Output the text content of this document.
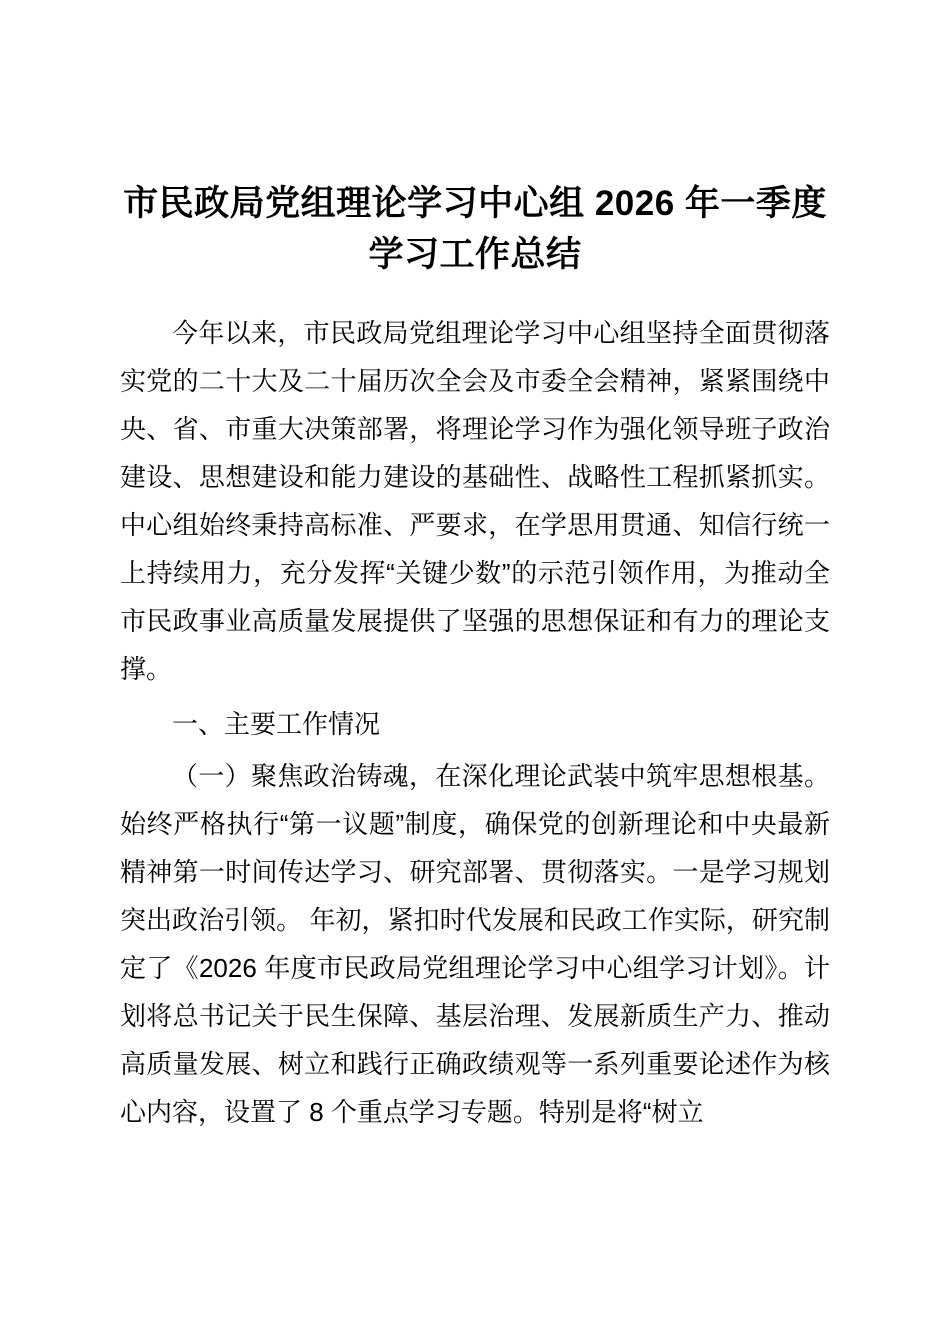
市民政局党组理论学习中心组 2026 年一季度学习工作总结

今年以来，市民政局党组理论学习中心组坚持全面贯彻落实党的二十大及二十届历次全会及市委全会精神，紧紧围绕中央、省、市重大决策部署，将理论学习作为强化领导班子政治建设、思想建设和能力建设的基础性、战略性工程抓紧抓实。中心组始终秉持高标准、严要求，在学思用贯通、知信行统一上持续用力，充分发挥“关键少数”的示范引领作用，为推动全市民政事业高质量发展提供了坚强的思想保证和有力的理论支撑。

一、主要工作情况

（一）聚焦政治铸魂，在深化理论武装中筑牢思想根基。始终严格执行“第一议题”制度，确保党的创新理论和中央最新精神第一时间传达学习、研究部署、贯彻落实。一是学习规划突出政治引领。 年初，紧扣时代发展和民政工作实际，研究制定了《2026 年度市民政局党组理论学习中心组学习计划》。计划将总书记关于民生保障、基层治理、发展新质生产力、推动高质量发展、树立和践行正确政绩观等一系列重要论述作为核心内容，设置了 8 个重点学习专题。特别是将“树立
